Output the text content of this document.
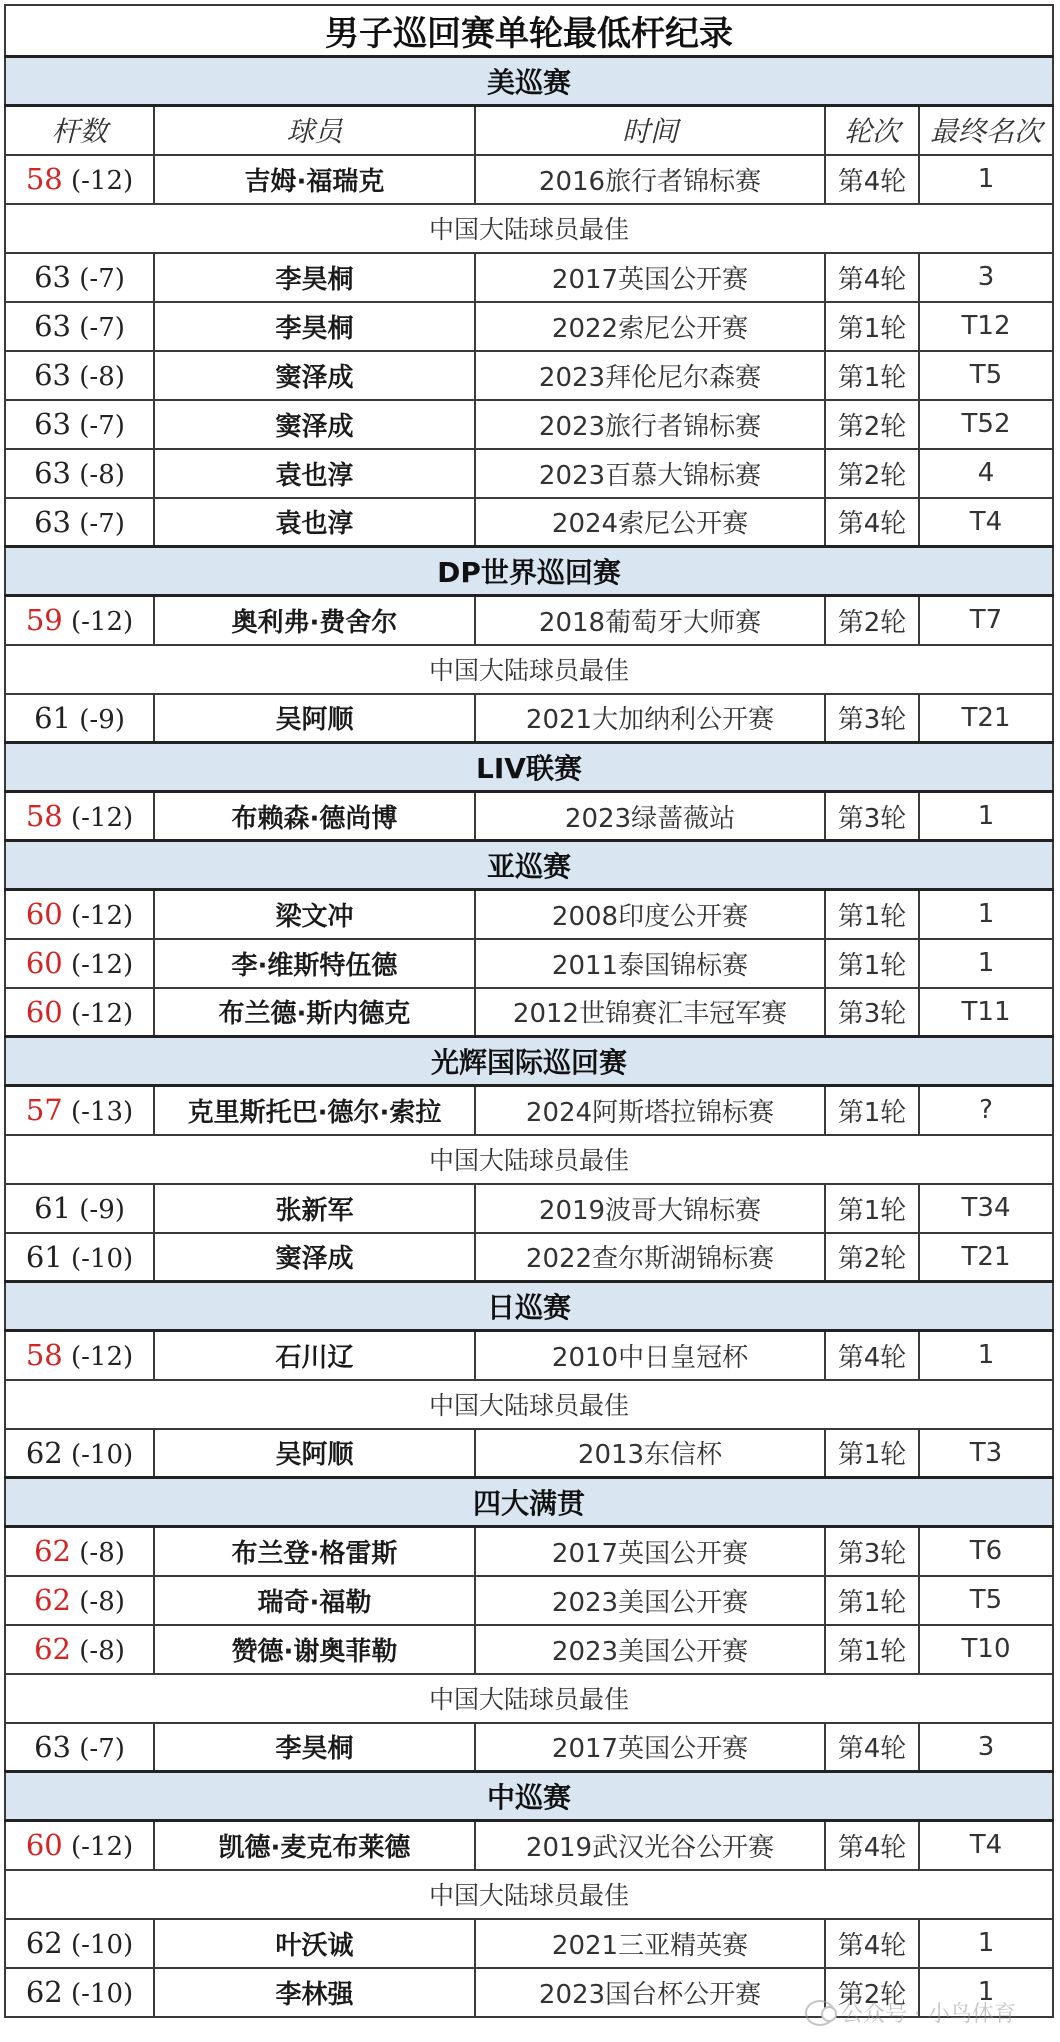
男子巡回赛单轮最低杆纪录				
美巡赛				
杆数	球员	时间	轮次	最终名次
58 (-12)	吉姆·福瑞克	2016旅行者锦标赛	第4轮	1
中国大陆球员最佳				
63 (-7)	李昊桐	2017英国公开赛	第4轮	3
63 (-7)	李昊桐	2022索尼公开赛	第1轮	T12
63 (-8)	窦泽成	2023拜伦尼尔森赛	第1轮	T5
63 (-7)	窦泽成	2023旅行者锦标赛	第2轮	T52
63 (-8)	袁也淳	2023百慕大锦标赛	第2轮	4
63 (-7)	袁也淳	2024索尼公开赛	第4轮	T4
DP世界巡回赛				
59 (-12)	奥利弗·费舍尔	2018葡萄牙大师赛	第2轮	T7
中国大陆球员最佳				
61 (-9)	吴阿顺	2021大加纳利公开赛	第3轮	T21
LIV联赛				
58 (-12)	布赖森·德尚博	2023绿蔷薇站	第3轮	1
亚巡赛				
60 (-12)	梁文冲	2008印度公开赛	第1轮	1
60 (-12)	李·维斯特伍德	2011泰国锦标赛	第1轮	1
60 (-12)	布兰德·斯内德克	2012世锦赛汇丰冠军赛	第3轮	T11
光辉国际巡回赛				
57 (-13)	克里斯托巴·德尔·索拉	2024阿斯塔拉锦标赛	第1轮	?
中国大陆球员最佳				
61 (-9)	张新军	2019波哥大锦标赛	第1轮	T34
61 (-10)	窦泽成	2022查尔斯湖锦标赛	第2轮	T21
日巡赛				
58 (-12)	石川辽	2010中日皇冠杯	第4轮	1
中国大陆球员最佳				
62 (-10)	吴阿顺	2013东信杯	第1轮	T3
四大满贯				
62 (-8)	布兰登·格雷斯	2017英国公开赛	第3轮	T6
62 (-8)	瑞奇·福勒	2023美国公开赛	第1轮	T5
62 (-8)	赞德·谢奥菲勒	2023美国公开赛	第1轮	T10
中国大陆球员最佳				
63 (-7)	李昊桐	2017英国公开赛	第4轮	3
中巡赛				
60 (-12)	凯德·麦克布莱德	2019武汉光谷公开赛	第4轮	T4
中国大陆球员最佳				
62 (-10)	叶沃诚	2021三亚精英赛	第4轮	1
62 (-10)	李林强	2023国台杯公开赛	第2轮	1
公众号 · 小鸟体育
